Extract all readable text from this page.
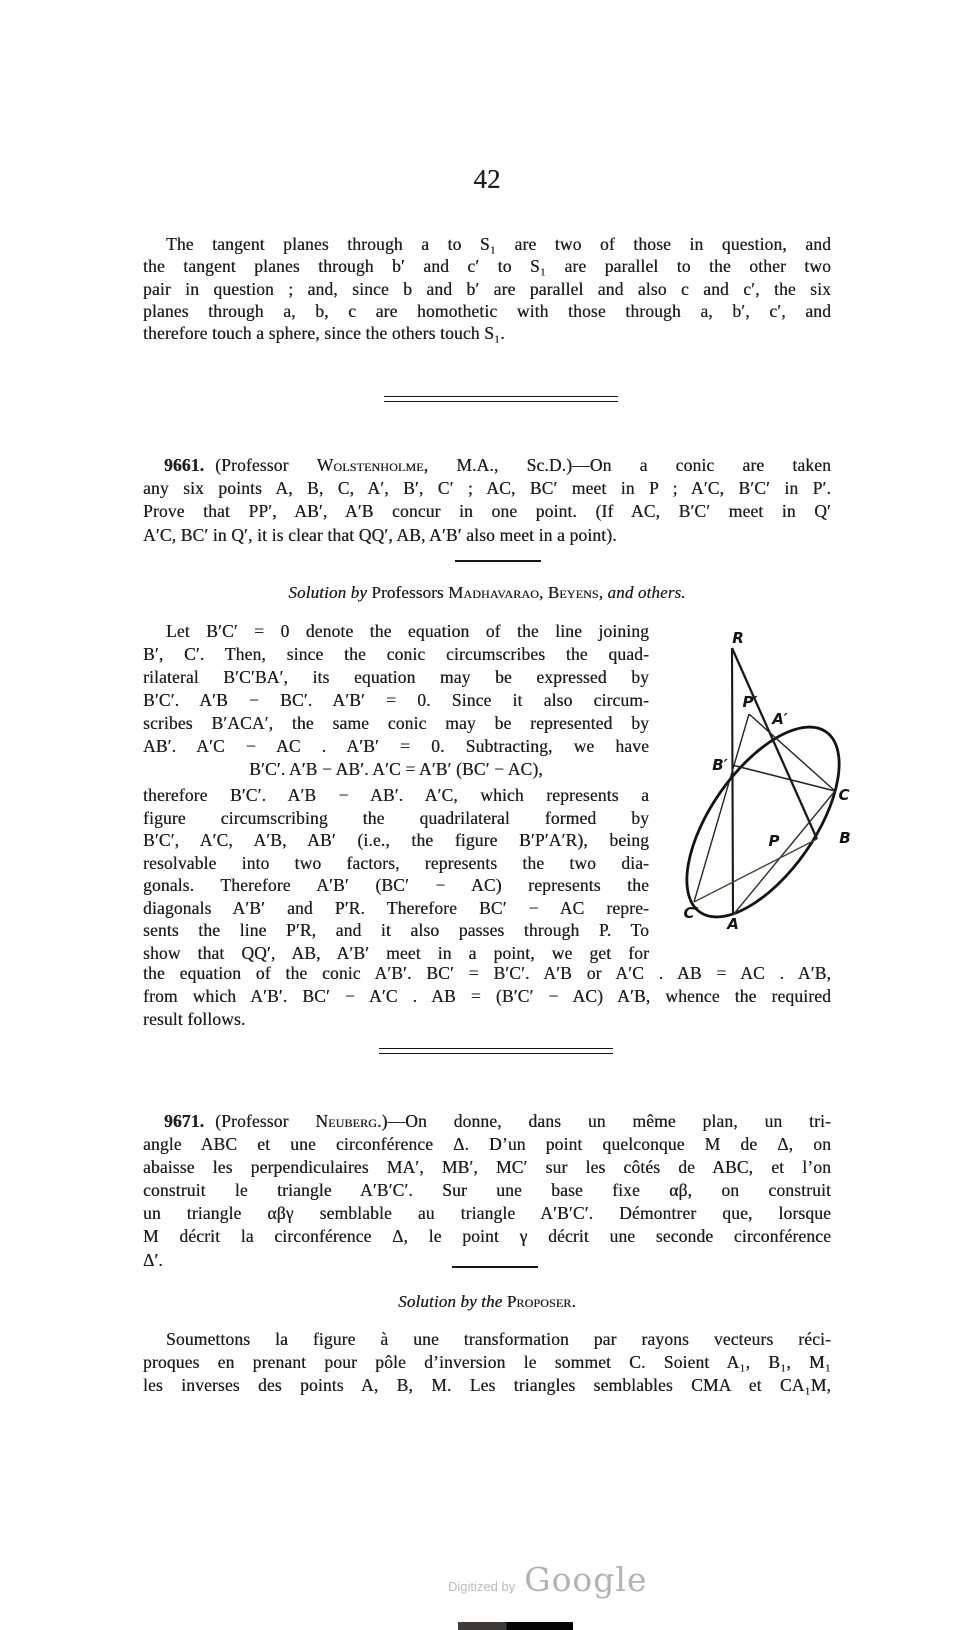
42
The tangent planes through a to S₁ are two of those in question, and
the tangent planes through b′ and c′ to S₁ are parallel to the other two
pair in question ; and, since b and b′ are parallel and also c and c′, the six
planes through a, b, c are homothetic with those through a, b′, c′, and
therefore touch a sphere, since the others touch S₁.
9661. (Professor Wolstenholme, M.A., Sc.D.)—On a conic are taken
any six points A, B, C, A′, B′, C′ ; AC, BC′ meet in P ; A′C, B′C′ in P′.
Prove that PP′, AB′, A′B concur in one point. (If AC, B′C′ meet in Q′
A′C, BC′ in Q′, it is clear that QQ′, AB, A′B′ also meet in a point).
Solution by Professors Madhavarao, Beyens, and others.
Let B′C′ = 0 denote the equation of the line joining
B′, C′. Then, since the conic circumscribes the quad-
rilateral B′C′BA′, its equation may be expressed by
B′C′. A′B − BC′. A′B′ = 0. Since it also circum-
scribes B′ACA′, the same conic may be represented by
AB′. A′C − AC . A′B′ = 0. Subtracting, we have
B′C′. A′B − AB′. A′C = A′B′ (BC′ − AC),
therefore B′C′. A′B − AB′. A′C, which represents a
figure circumscribing the quadrilateral formed by
B′C′, A′C, A′B, AB′ (i.e., the figure B′P′A′R), being
resolvable into two factors, represents the two dia-
gonals. Therefore A′B′ (BC′ − AC) represents the
diagonals A′B′ and P′R. Therefore BC′ − AC repre-
sents the line P′R, and it also passes through P. To
show that QQ′, AB, A′B′ meet in a point, we get for
the equation of the conic A′B′. BC′ = B′C′. A′B or A′C . AB = AC . A′B,
from which A′B′. BC′ − A′C . AB = (B′C′ − AC) A′B, whence the required
result follows.
R
P′
A′
B′
C
B
P
C′
A
9671. (Professor Neuberg.)—On donne, dans un même plan, un tri-
angle ABC et une circonférence Δ. D’un point quelconque M de Δ, on
abaisse les perpendiculaires MA′, MB′, MC′ sur les côtés de ABC, et l’on
construit le triangle A′B′C′. Sur une base fixe αβ, on construit
un triangle αβγ semblable au triangle A′B′C′. Démontrer que, lorsque
M décrit la circonférence Δ, le point γ décrit une seconde circonférence
Δ′.
Solution by the Proposer.
Soumettons la figure à une transformation par rayons vecteurs réci-
proques en prenant pour pôle d’inversion le sommet C. Soient A₁, B₁, M₁
les inverses des points A, B, M. Les triangles semblables CMA et CA₁M,
Digitized by Google
